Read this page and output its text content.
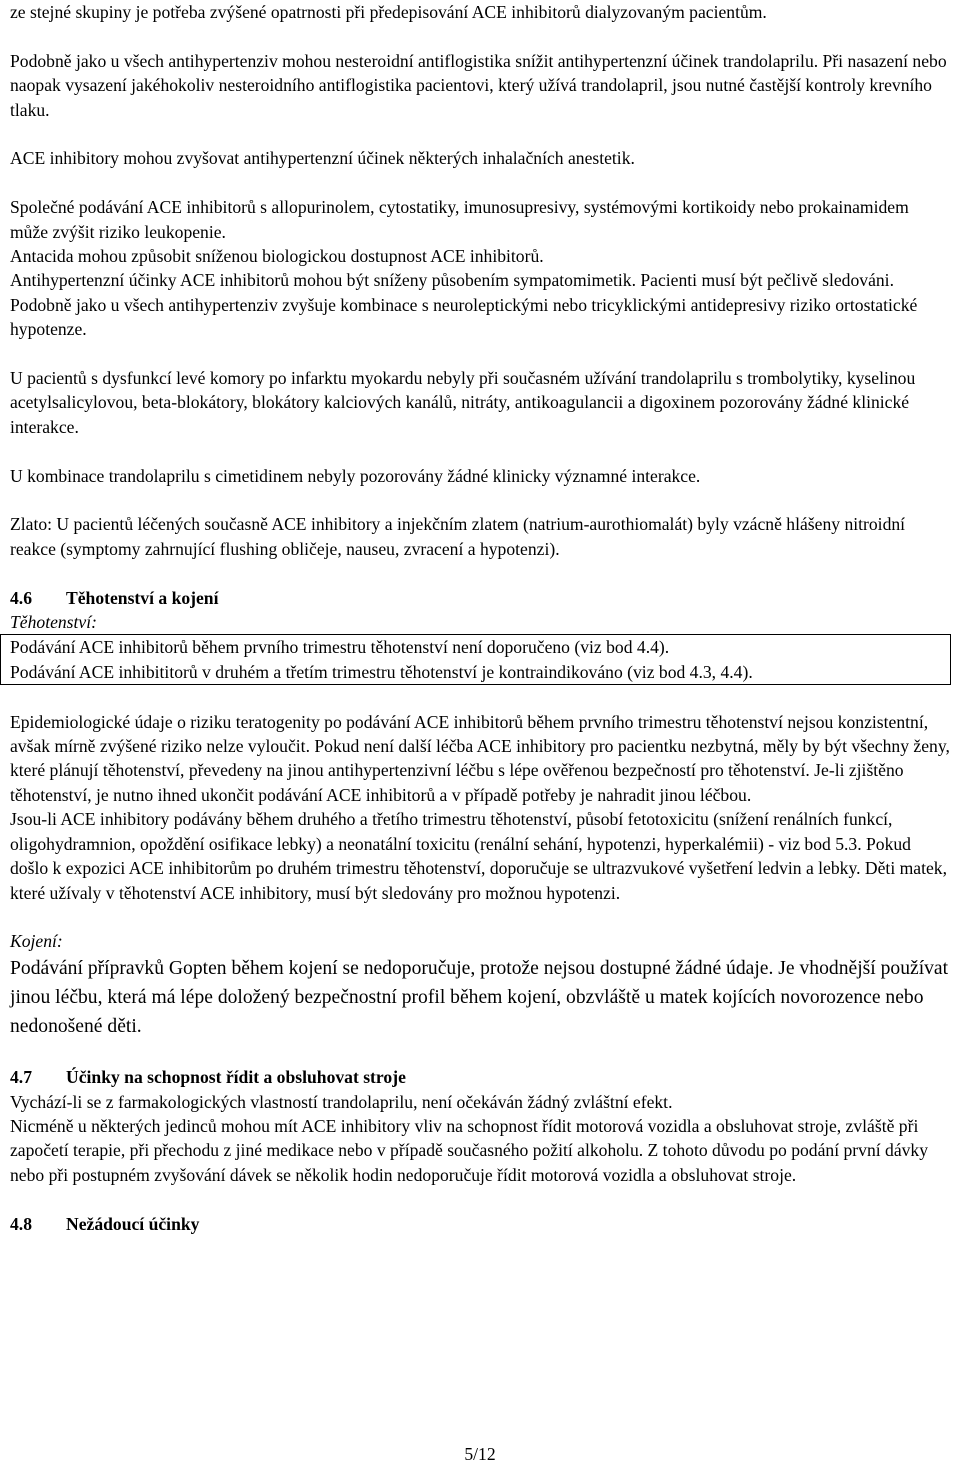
ze stejné skupiny je potřeba zvýšené opatrnosti při předepisování ACE inhibitorů dialyzovaným pacientům.

Podobně jako u všech antihypertenziv mohou nesteroidní antiflogistika snížit antihypertenzní účinek trandolaprilu. Při nasazení nebo naopak vysazení jakéhokoliv nesteroidního antiflogistika pacientovi, který užívá trandolapril, jsou nutné častější kontroly krevního tlaku.

ACE inhibitory mohou zvyšovat antihypertenzní účinek některých inhalačních anestetik.

Společné podávání ACE inhibitorů s allopurinolem, cytostatiky, imunosupresivy, systémovými kortikoidy nebo prokainamidem může zvýšit riziko leukopenie.

Antacida mohou způsobit sníženou biologickou dostupnost ACE inhibitorů.

Antihypertenzní účinky ACE inhibitorů mohou být sníženy působením sympatomimetik. Pacienti musí být pečlivě sledováni.

Podobně jako u všech antihypertenziv zvyšuje kombinace s neuroleptickými nebo tricyklickými antidepresivy riziko ortostatické hypotenze.

U pacientů s dysfunkcí levé komory po infarktu myokardu nebyly při současném užívání trandolaprilu s trombolytiky, kyselinou acetylsalicylovou, beta-blokátory, blokátory kalciových kanálů, nitráty, antikoagulancii a digoxinem pozorovány žádné klinické interakce.

U kombinace trandolaprilu s cimetidinem nebyly pozorovány žádné klinicky významné interakce.

Zlato: U pacientů léčených současně ACE inhibitory a injekčním zlatem (natrium-aurothiomalát) byly vzácně hlášeny nitroidní reakce (symptomy zahrnující flushing obličeje, nauseu, zvracení a hypotenzi).

4.6 Těhotenství a kojení

Těhotenství:

Podávání ACE inhibitorů během prvního trimestru těhotenství není doporučeno (viz bod 4.4).

Podávání ACE inhibititorů v druhém a třetím trimestru těhotenství je kontraindikováno (viz bod 4.3, 4.4).

Epidemiologické údaje o riziku teratogenity po podávání ACE inhibitorů během prvního trimestru těhotenství nejsou konzistentní, avšak mírně zvýšené riziko nelze vyloučit. Pokud není další léčba ACE inhibitory pro pacientku nezbytná, měly by být všechny ženy, které plánují těhotenství, převedeny na jinou antihypertenzivní léčbu s lépe ověřenou bezpečností pro těhotenství. Je-li zjištěno těhotenství, je nutno ihned ukončit podávání ACE inhibitorů a v případě potřeby je nahradit jinou léčbou.

Jsou-li ACE inhibitory podávány během druhého a třetího trimestru těhotenství, působí fetotoxicitu (snížení renálních funkcí, oligohydramnion, opoždění osifikace lebky) a neonatální toxicitu (renální sehání, hypotenzi, hyperkalémii) - viz bod 5.3. Pokud došlo k expozici ACE inhibitorům po druhém trimestru těhotenství, doporučuje se ultrazvukové vyšetření ledvin a lebky. Děti matek, které užívaly v těhotenství ACE inhibitory, musí být sledovány pro možnou hypotenzi.

Kojení:

Podávání přípravků Gopten během kojení se nedoporučuje, protože nejsou dostupné žádné údaje. Je vhodnější používat jinou léčbu, která má lépe doložený bezpečnostní profil během kojení, obzvláště u matek kojících novorozence nebo nedonošené děti.

4.7 Účinky na schopnost řídit a obsluhovat stroje

Vychází-li se z farmakologických vlastností trandolaprilu, není očekáván žádný zvláštní efekt.

Nicméně u některých jedinců mohou mít ACE inhibitory vliv na schopnost řídit motorová vozidla a obsluhovat stroje, zvláště při započetí terapie, při přechodu z jiné medikace nebo v případě současného požití alkoholu. Z tohoto důvodu po podání první dávky nebo při postupném zvyšování dávek se několik hodin nedoporučuje řídit motorová vozidla a obsluhovat stroje.

4.8 Nežádoucí účinky

5/12
